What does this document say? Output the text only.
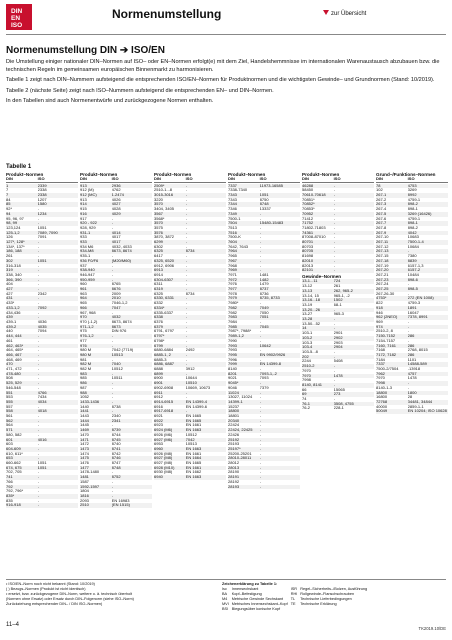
DIN
EN
ISO
Normenumstellung	zur Übersicht
Normenumstellung DIN ➔ ISO/EN

Die Umstellung einiger nationaler DIN–Normen auf ISO– oder EN–Normen erfolgt(e) mit dem Ziel, Handelshemmnisse im internationalen Warenaustausch abzubauen bzw. die technischen Regeln im gemeinsamen europäischen Binnenmarkt zu harmonisieren.

Tabelle 1 zeigt nach DIN–Nummern aufsteigend die entsprechenden ISO/EN–Normen für Produktnormen und die wichtigsten Gewinde– und Grundnormen (Stand: 10/2019).

Tabelle 2 (nächste Seite) zeigt nach ISO–Nummern aufsteigend die entsprechenden EN– und DIN–Normen.

In den Tabellen sind auch Normenentwürfe und zurückgezogene Normen enthalten.

Tabelle 1
Produkt–Normen
DIN	ISO
1	2339
7	2338
7	2338
84	1207
85	1580
92*	-
94	1234
95, 96, 97	-
98, 99	-
123,124	1051
125-1,2	7089, 7090
126	7091
127*, 128*	-
134*, 137*	-
186, 188	-
261	-
302	1051
316-318	-
319	-
338, 340	-
366, 390	-
404	-
427	-
427	2342
431	-
433*	-
433-1,2	7092
434,436	-
439	-
439-1	4036
439-2	4035
440	7094
444, 444	-
461	-
462, 463*	-
464, 465*	-
466, 467	-
468, 469	-
470	-
471, 472	-
478-480	-
508	-
525, 529	-
546-548	-
551	4766
553	7434
555	4034
557	-
558	4018
561	-
562	-
564	-
571	-
580, 582	-
601	4016
603	-
604-609	-
610, 611*	-
653	-
660-662	1051
674, 675	1051
702, 705	-
741	-
766	-
792	-
792, 796*	-
835*	-
835	-
916-918	-
Produkt–Normen
DIN	ISO
913	2936
912 (M)	4762
912 (MC)	1.2474
913	4026
914	4027
915	4028
916	4029
917	-
920 - 922	-
928, 929	-
931-1	4014
933	4017
933	4017
934 M6	4032, 4033
934-M8	8673, 8674
935-1	-
936 F0/F6	(M20/M60)
937	-
938-940	-
946-947	-
950-959	-
960	8765
961	8676
963	2009
964	2010
965	7046-1,2
966	7047
967, 968	-
970	4032
970 (-1,2)	8673, 8674
971-1,2	8673
975	DIN 976
976-1,2	-
977	-
976	-
980 M	7042 (7719)
980 M	10513
981	-
982 M	7040
982 M	10512
983	-
985	10511
986	-
987	-
988	-
1052	-
1433-1436	-
1440	8738
1441	-
1443	2340
1444	2341
1445	-
1469	8739
1470	8744
1471	8745
1472	8740
1473	8741
1474	8742
1475	8746
1476	8747
1477	8748
1478-1480	-
1481	8752
1587	-
1592-1597	-
1804	-
1816	-
2093	EN 16983
2510	(EN 1515)
Produkt–Normen
DIN	ISO
2509*	-
2510-1...8	-
3015-3016	-
3220	-
3570	-
3404, 3405	-
3567	-
3568*	-
3570	-
3575	-
3576	-
3870, 3872	-
6299	-
6302	-
6325	8734
6417	-
6325, 6520	-
6912, 6906	-
6913	-
6914	-
6304-6307	-
6311	-
6319	-
6325	8734
6330, 6331	-
6332	-
6334*	-
6335-6337	-
6338	-
6376	-
6379	-
6791, 6797	-
6797*	-
6798*	-
6799	-
6880-6884	2492
6885-1, 2	-
6885-3	-
6886, 6887	-
6888	3912
6899	-
6900	10644
6901	10510
6902-6908	10669, 10673
6911	-
6912	-
6914-6915	EN 14399-4
6916	EN 14399-6
6917-6918	-
6921	EN 1665
6922	EN 1665
6923	EN 1661
6924 (M6)	EN 1663
6926 (M6)	10512
6927 (M6)	7042
6953	10513
6960	EN 1663
6926 (M8)	EN 1661
6927 (M8)	EN 1664
6927 (M8)	EN 1665
6928 (M10)	EN 1661
6930 (M8)	EN 1662
6940	EN 1663
Produkt–Normen
DIN	ISO
7337	11973-16585
7338-7340	-
7343	1051
7343	8750
7344	8748
7346	13337
7349	-
7500-1	-
7504	15480-15483
7513	-
7516	-
7500-K	-
7604	-
7642, 7643	-
7964	-
7965	-
7967	-
7968	-
7969	-
7971	1481
7972	1482
7976	1479
7977	8737
7978	8736
7979	8735, 8733
7980*	-
7982	7049
7982	7050
7983	7051
7984	-
7985	7045
7987*, 7988*	-
7989-1,2	-
7990	-
7993	10642
7993	-
7995	EN 9902/9926
7996	-
7999	EN 14399-8
8140	-
8201	7093-1,-2
9021	7093
9045*	-
9046	7379
11024	-
13027, 11024	-
14399-1	-
15237	-
18800	-
18801	-
20340	-
22424	-
22424, 22425	-
22426	-
25192	-
25193	-
25197*	-
25200-25201	-
28010-28011	-
28012	-
28013	-
28190	-
28191	-
28192	-
28193	-
Produkt–Normen
DIN	ISO
46288	-
58450	-
70610-70618	-
70851*	-
70852*	-
70853*	-
70952	-
71412	-
71752	-
71802-71803	-
74361	-
87008-87010	-
80701	-
80703	-
80705	-
81698	-
82010	-
82013	-
82101	-
Gewinde–Normen
13-1...11	724
13-12	261
13-13	262, 965-2
13-14, 15	965-1, -2
13-16...18	1502
13-19	68-1
13-20...26	-
13-27	965-3
13-28	-
13-50...52	-
14	-
103-1	2901
103-2	2902
103-3	2903
103-4	2904
103-5...8	-
202	-
2244	5408
2510-2	-
7970	-
7970	1478
7998	-
8140, 8141	-
66	15065
69	273
74	-
76-1	3508, 4755
76-2	228-1
Grund–/Funktions–Normen
DIN	ISO
78	4753
102	3269
267-1	8992
267-2	4759-1
267-3	898-2
267-4	898-1
267-5	3269 (16426)
267-6	4759-1
267-7	898-1
267-8	898-2
267-9	4042
267-10	10683
267-11	7500-1-4
267-12	10684
267-13	-
267-15	7380
267-18	8839
267-19	6157-1,3
267-20	6157-2
267-21	10484
267-23	898-6
267-24	-
267-25	898-5
267-26-30	-
4753*	272 (EN 1008)
822	4759-3
918	1891
946	16047
962 (2NEO)	7378, 8991
969	-
974	-
2510-2, 8	-
7150-7152	286
7154-7157	-
7160, 7161	286
7168	2768, 8015
7172, 7182	286
7184	1101
7337	14588-589
7500-2/7504	-13918
7962	4757
7970	1478
7998	-
8140-1-3	-
18800	1800
16800	28
72768	34481, 34844
40000	2859-1-1
50049	EN 10204; ISO 10628
• ISO/EN–Norm noch nicht bekannt (Stand: 10/2019)
( ) Bezugs–Normen (Produkt ist nicht identisch)
• ersetzt, bzw. zurückgezogene DIN–Norm, weitere o. ä. technisch überholt
(Normen ohne Ersatz) oder Ersatz durch DIN–Folgenorm (siehe ISO–Norm)
Zurückziehung entsprechender DIN– / DIN ISO–Normen)
Zeichenerklärung zu Tabelle 1:
Isc	Innensechskant	ISR	Regel–Sicherheits–/Bolzen, Ausführung
BA	Kopf–Befestigung	RHI	Rollgewinde–Flanschschrauben
M4	Metrische Gewinde Sechskant	TL	Technische Lieferbedingungen
MVI	Metrisches Innensechskant–Kopf	TE	Technische Erklärung
BSI	Biegungsüber konische Kopf		
11–4
TK2019.10/DE
